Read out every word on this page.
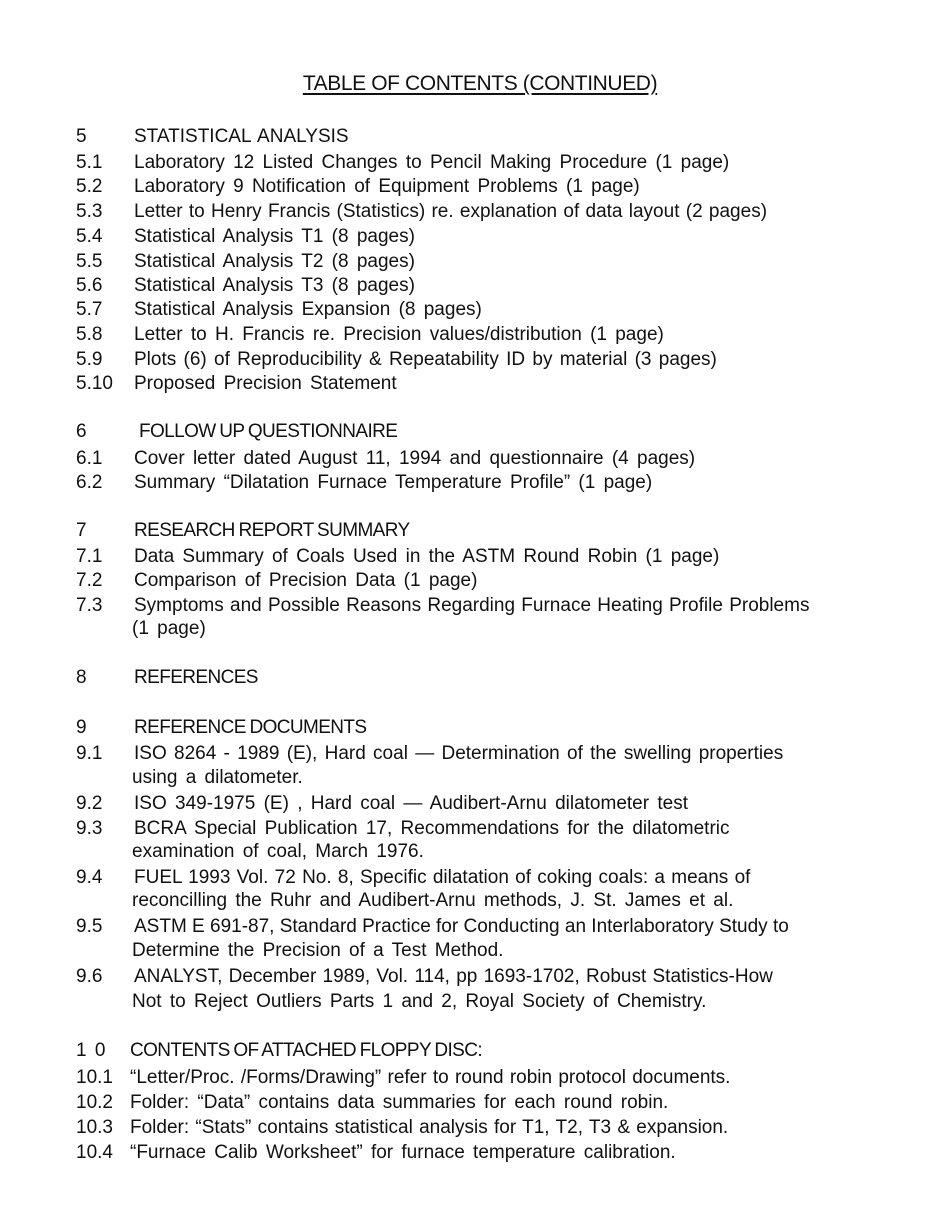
TABLE OF CONTENTS (CONTINUED)
5 STATISTICAL ANALYSIS
5.1 Laboratory 12 Listed Changes to Pencil Making Procedure (1 page)
5.2 Laboratory 9 Notification of Equipment Problems (1 page)
5.3 Letter to Henry Francis (Statistics) re. explanation of data layout (2 pages)
5.4 Statistical Analysis T1 (8 pages)
5.5 Statistical Analysis T2 (8 pages)
5.6 Statistical Analysis T3 (8 pages)
5.7 Statistical Analysis Expansion (8 pages)
5.8 Letter to H. Francis re. Precision values/distribution (1 page)
5.9 Plots (6) of Reproducibility & Repeatability ID by material (3 pages)
5.10 Proposed Precision Statement
6	FOLLOW UP QUESTIONNAIRE
6.1 Cover letter dated August 11, 1994 and questionnaire (4 pages)
6.2 Summary “Dilatation Furnace Temperature Profile” (1 page)
7 RESEARCH REPORT SUMMARY
7.1 Data Summary of Coals Used in the ASTM Round Robin (1 page)
7.2 Comparison of Precision Data (1 page)
7.3 Symptoms and Possible Reasons Regarding Furnace Heating Profile Problems
(1 page)
8 REFERENCES
9 REFERENCE DOCUMENTS
9.1 ISO 8264 - 1989 (E), Hard coal — Determination of the swelling properties
using a dilatometer.
9.2 ISO 349-1975 (E) , Hard coal — Audibert-Arnu dilatometer test
9.3 BCRA Special Publication 17, Recommendations for the dilatometric
examination of coal, March 1976.
9.4 FUEL 1993 Vol. 72 No. 8, Specific dilatation of coking coals: a means of
reconcilling the Ruhr and Audibert-Arnu methods, J. St. James et al.
9.5 ASTM E 691-87, Standard Practice for Conducting an Interlaboratory Study to
Determine the Precision of a Test Method.
9.6 ANALYST, December 1989, Vol. 114, pp 1693-1702, Robust Statistics-How
Not to Reject Outliers Parts 1 and 2, Royal Society of Chemistry.
1 0 CONTENTS OF ATTACHED FLOPPY DISC:
10.1 “Letter/Proc. /Forms/Drawing” refer to round robin protocol documents.
10.2 Folder: “Data” contains data summaries for each round robin.
10.3 Folder: “Stats” contains statistical analysis for T1, T2, T3 & expansion.
10.4 “Furnace Calib Worksheet” for furnace temperature calibration.
